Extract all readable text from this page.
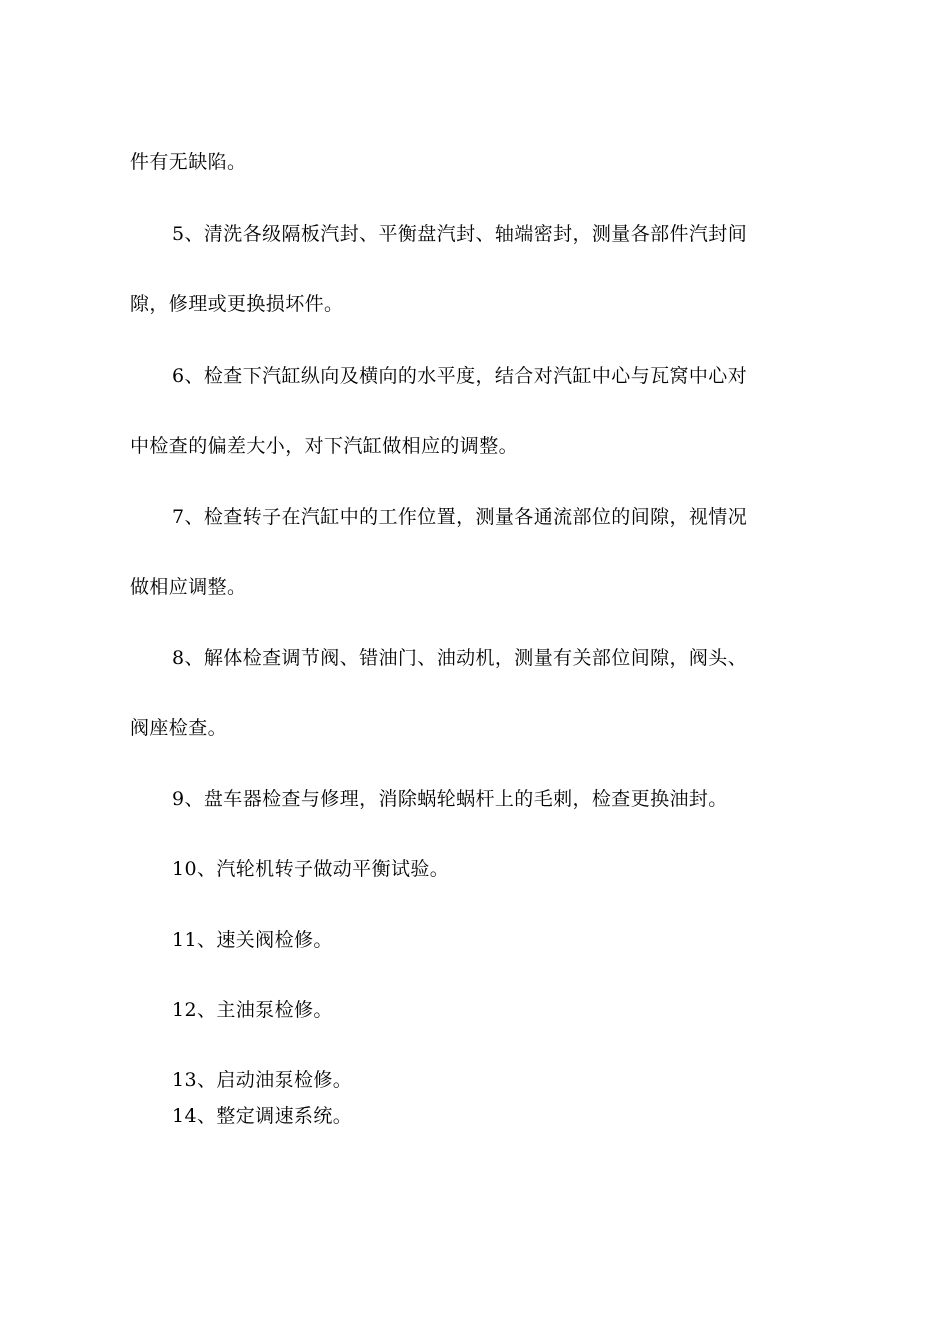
件有无缺陷。
5、清洗各级隔板汽封、平衡盘汽封、轴端密封，测量各部件汽封间
隙，修理或更换损坏件。
6、检查下汽缸纵向及横向的水平度，结合对汽缸中心与瓦窝中心对
中检查的偏差大小，对下汽缸做相应的调整。
7、检查转子在汽缸中的工作位置，测量各通流部位的间隙，视情况
做相应调整。
8、解体检查调节阀、错油门、油动机，测量有关部位间隙，阀头、
阀座检查。
9、盘车器检查与修理，消除蜗轮蜗杆上的毛刺，检查更换油封。
10、汽轮机转子做动平衡试验。
11、速关阀检修。
12、主油泵检修。
13、启动油泵检修。
14、整定调速系统。
